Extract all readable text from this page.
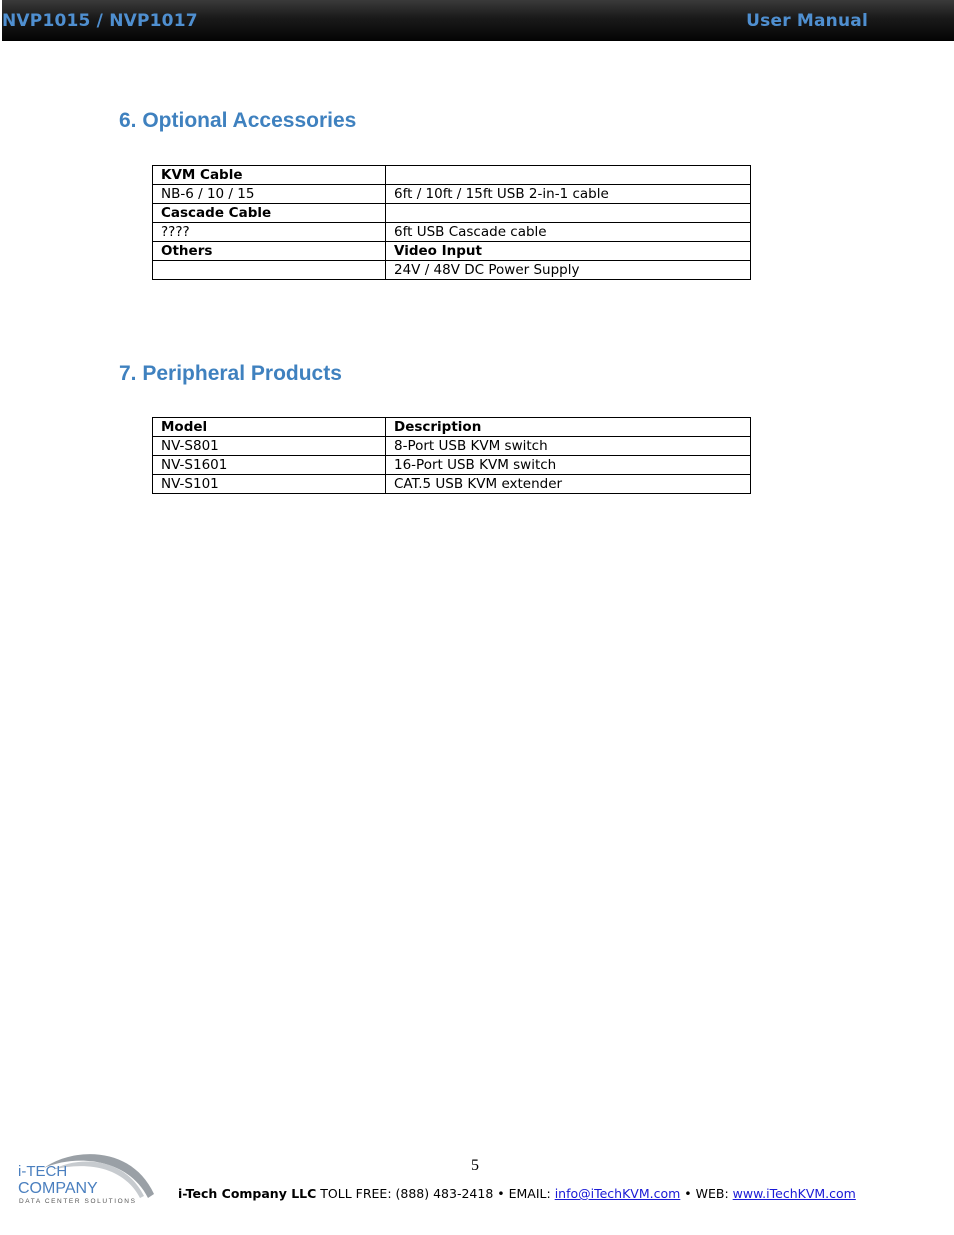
NVP1015 / NVP1017	User Manual
6. Optional Accessories
KVM Cable	
NB-6 / 10 / 15	6ft / 10ft / 15ft USB 2-in-1 cable
Cascade Cable	
????	6ft USB Cascade cable
Others	Video Input
	24V / 48V DC Power Supply
7. Peripheral Products
Model	Description
NV-S801	8-Port USB KVM switch
NV-S1601	16-Port USB KVM switch
NV-S101	CAT.5 USB KVM extender
5
i-TECH
COMPANY
DATA CENTER SOLUTIONS
i-Tech Company LLC TOLL FREE: (888) 483-2418 • EMAIL: info@iTechKVM.com • WEB: www.iTechKVM.com
